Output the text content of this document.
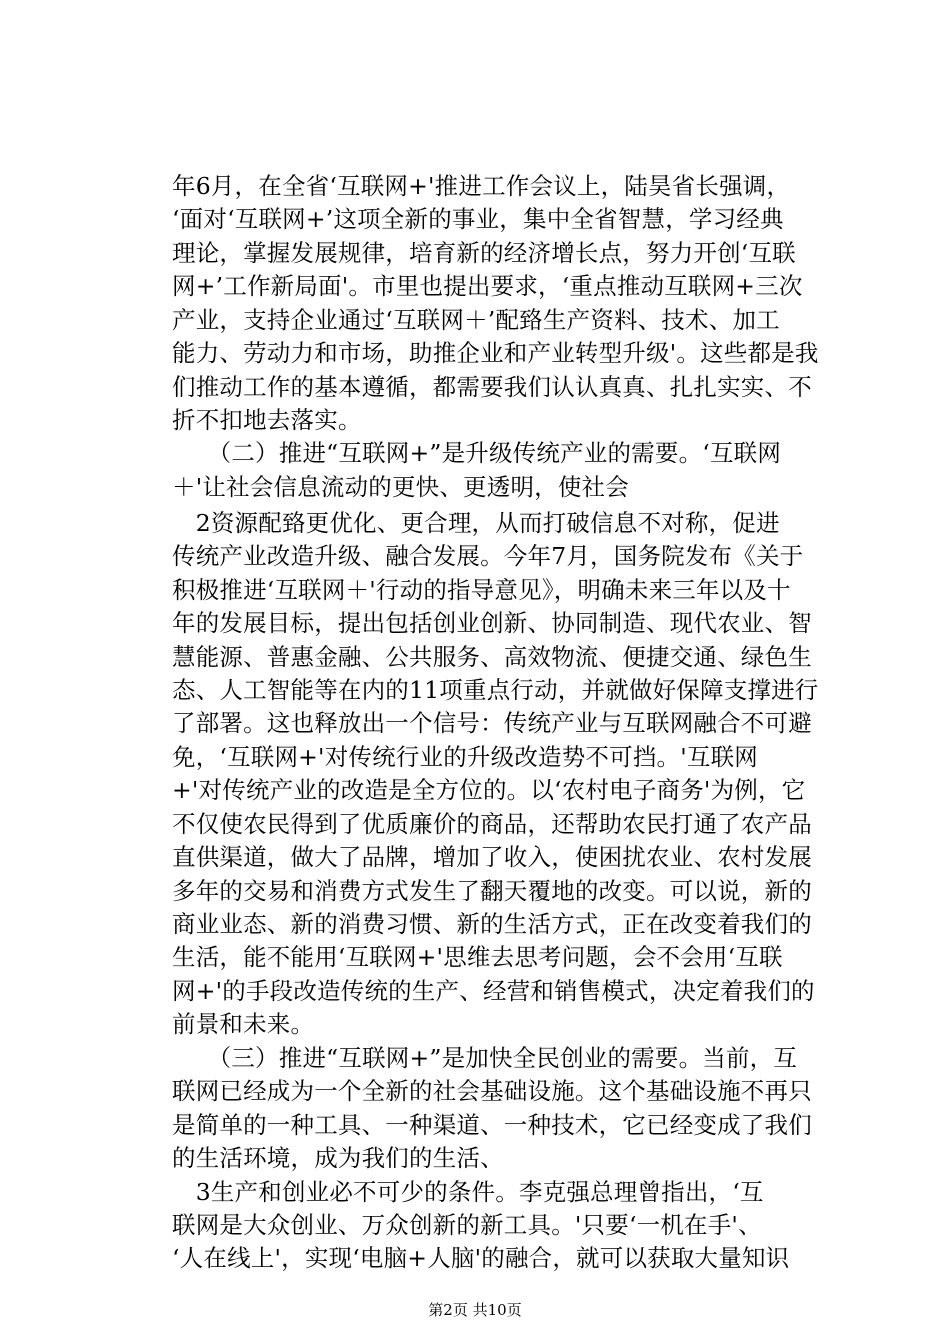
年6月，在全省‘互联网+'推进工作会议上，陆昊省长强调，
‘面对‘互联网+’这项全新的事业，集中全省智慧，学习经典
理论，掌握发展规律，培育新的经济增长点，努力开创‘互联
网+’工作新局面'。市里也提出要求，‘重点推动互联网+三次
产业，支持企业通过‘互联网＋’配臵生产资料、技术、加工
能力、劳动力和市场，助推企业和产业转型升级'。这些都是我
们推动工作的基本遵循，都需要我们认认真真、扎扎实实、不
折不扣地去落实。
　　（二）推进“互联网+”是升级传统产业的需要。‘互联网
＋'让社会信息流动的更快、更透明，使社会
　2资源配臵更优化、更合理，从而打破信息不对称，促进
传统产业改造升级、融合发展。今年7月，国务院发布《关于
积极推进‘互联网＋'行动的指导意见》，明确未来三年以及十
年的发展目标，提出包括创业创新、协同制造、现代农业、智
慧能源、普惠金融、公共服务、高效物流、便捷交通、绿色生
态、人工智能等在内的11项重点行动，并就做好保障支撑进行
了部署。这也释放出一个信号：传统产业与互联网融合不可避
免，‘互联网+'对传统行业的升级改造势不可挡。'互联网
+'对传统产业的改造是全方位的。以‘农村电子商务'为例，它
不仅使农民得到了优质廉价的商品，还帮助农民打通了农产品
直供渠道，做大了品牌，增加了收入，使困扰农业、农村发展
多年的交易和消费方式发生了翻天覆地的改变。可以说，新的
商业业态、新的消费习惯、新的生活方式，正在改变着我们的
生活，能不能用‘互联网+'思维去思考问题，会不会用‘互联
网+'的手段改造传统的生产、经营和销售模式，决定着我们的
前景和未来。
　　（三）推进“互联网+”是加快全民创业的需要。当前，互
联网已经成为一个全新的社会基础设施。这个基础设施不再只
是简单的一种工具、一种渠道、一种技术，它已经变成了我们
的生活环境，成为我们的生活、
　3生产和创业必不可少的条件。李克强总理曾指出，‘互
联网是大众创业、万众创新的新工具。'只要‘一机在手'、
‘人在线上'，实现‘电脑+人脑'的融合，就可以获取大量知识
第2页 共10页
